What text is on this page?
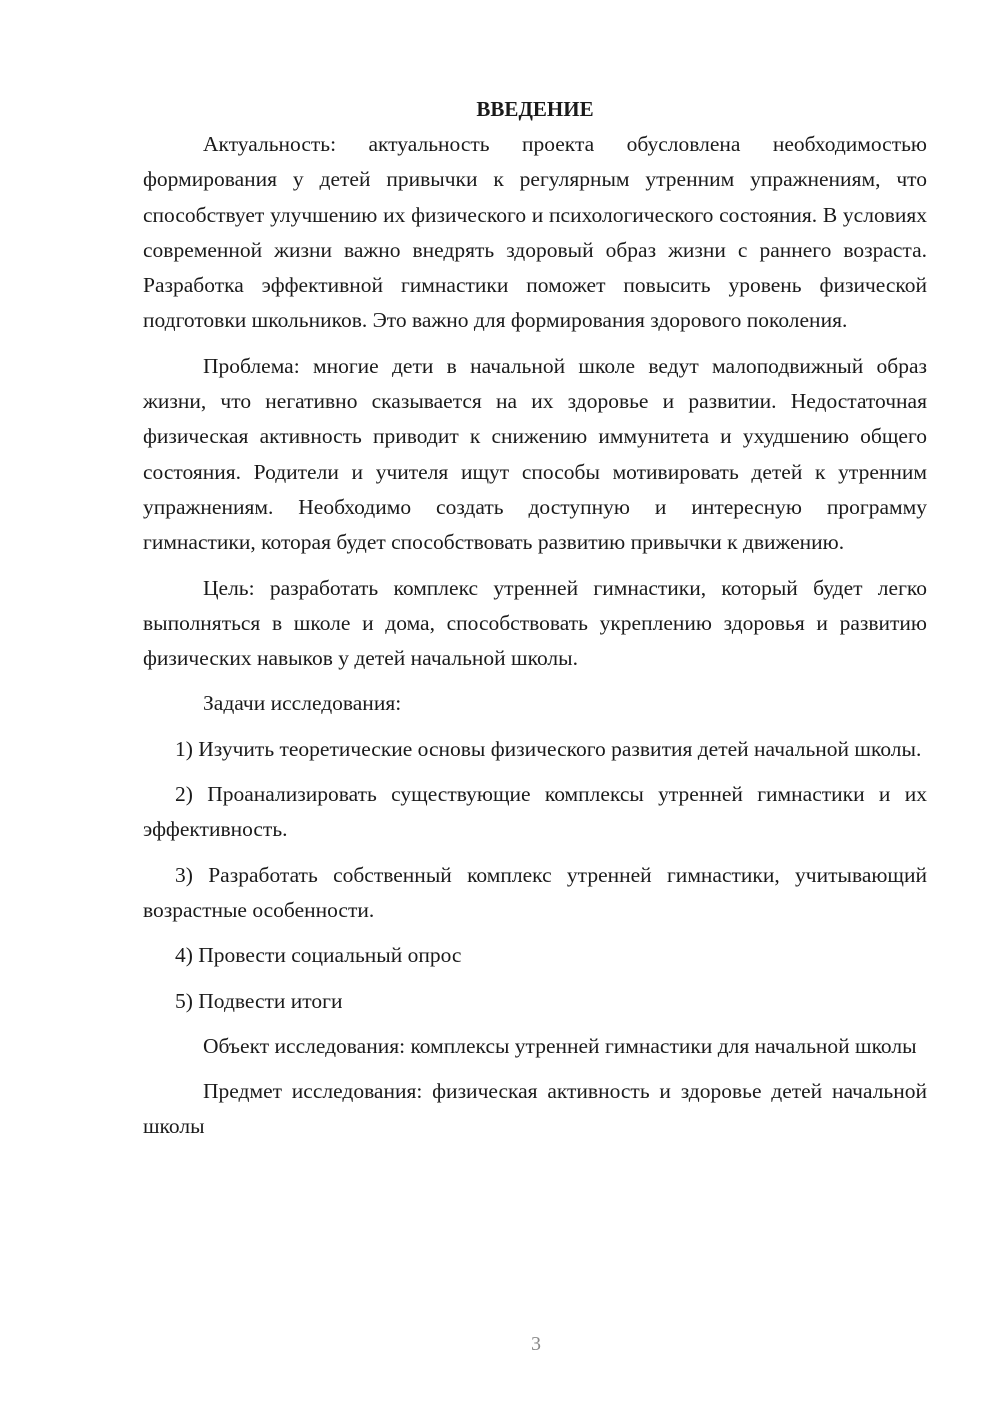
ВВЕДЕНИЕ

Актуальность: актуальность проекта обусловлена необходимостью формирования у детей привычки к регулярным утренним упражнениям, что способствует улучшению их физического и психологического состояния. В условиях современной жизни важно внедрять здоровый образ жизни с раннего возраста. Разработка эффективной гимнастики поможет повысить уровень физической подготовки школьников. Это важно для формирования здорового поколения.

Проблема: многие дети в начальной школе ведут малоподвижный образ жизни, что негативно сказывается на их здоровье и развитии. Недостаточная физическая активность приводит к снижению иммунитета и ухудшению общего состояния. Родители и учителя ищут способы мотивировать детей к утренним упражнениям. Необходимо создать доступную и интересную программу гимнастики, которая будет способствовать развитию привычки к движению.

Цель: разработать комплекс утренней гимнастики, который будет легко выполняться в школе и дома, способствовать укреплению здоровья и развитию физических навыков у детей начальной школы.

Задачи исследования:

1) Изучить теоретические основы физического развития детей начальной школы.

2) Проанализировать существующие комплексы утренней гимнастики и их эффективность.

3) Разработать собственный комплекс утренней гимнастики, учитывающий возрастные особенности.

4) Провести социальный опрос

5) Подвести итоги

Объект исследования: комплексы утренней гимнастики для начальной школы

Предмет исследования: физическая активность и здоровье детей начальной школы

3
